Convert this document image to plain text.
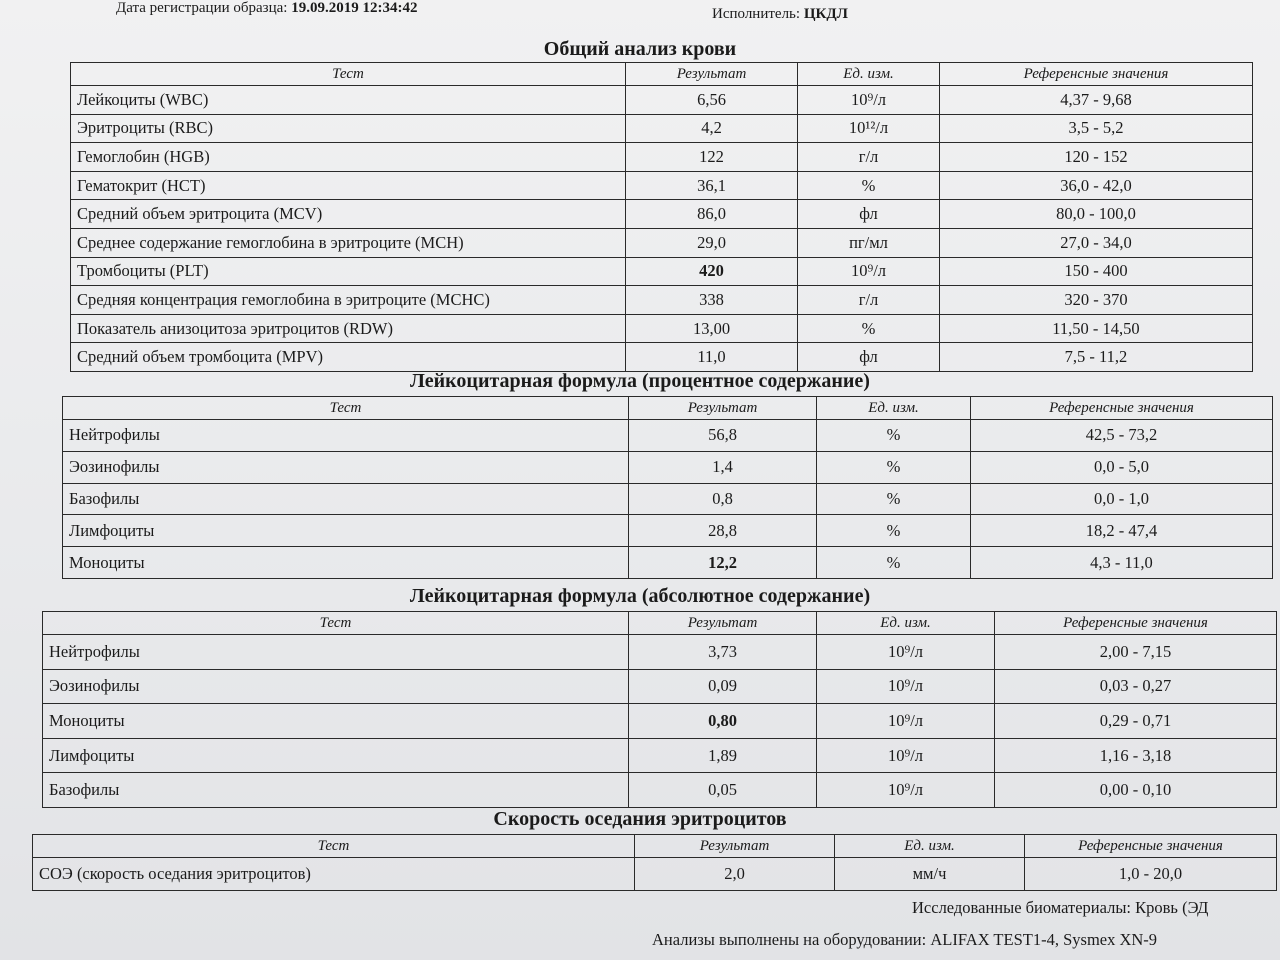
Дата регистрации образца: 19.09.2019 12:34:42	Исполнитель: ЦКДЛ
Общий анализ крови
Тест	Результат	Ед. изм.	Референсные значения
Лейкоциты (WBC)	6,56	10⁹/л	4,37 - 9,68
Эритроциты (RBC)	4,2	10¹²/л	3,5 - 5,2
Гемоглобин (HGB)	122	г/л	120 - 152
Гематокрит (HCT)	36,1	%	36,0 - 42,0
Средний объем эритроцита (MCV)	86,0	фл	80,0 - 100,0
Среднее содержание гемоглобина в эритроците (MCH)	29,0	пг/мл	27,0 - 34,0
Тромбоциты (PLT)	420	10⁹/л	150 - 400
Средняя концентрация гемоглобина в эритроците (MCHC)	338	г/л	320 - 370
Показатель анизоцитоза эритроцитов (RDW)	13,00	%	11,50 - 14,50
Средний объем тромбоцита (MPV)	11,0	фл	7,5 - 11,2
Лейкоцитарная формула (процентное содержание)
Тест	Результат	Ед. изм.	Референсные значения
Нейтрофилы	56,8	%	42,5 - 73,2
Эозинофилы	1,4	%	0,0 - 5,0
Базофилы	0,8	%	0,0 - 1,0
Лимфоциты	28,8	%	18,2 - 47,4
Моноциты	12,2	%	4,3 - 11,0
Лейкоцитарная формула (абсолютное содержание)
Тест	Результат	Ед. изм.	Референсные значения
Нейтрофилы	3,73	10⁹/л	2,00 - 7,15
Эозинофилы	0,09	10⁹/л	0,03 - 0,27
Моноциты	0,80	10⁹/л	0,29 - 0,71
Лимфоциты	1,89	10⁹/л	1,16 - 3,18
Базофилы	0,05	10⁹/л	0,00 - 0,10
Скорость оседания эритроцитов
Тест	Результат	Ед. изм.	Референсные значения
СОЭ (скорость оседания эритроцитов)	2,0	мм/ч	1,0 - 20,0
Исследованные биоматериалы: Кровь (ЭД
Анализы выполнены на оборудовании: ALIFAX TEST1-4, Sysmex XN-9
